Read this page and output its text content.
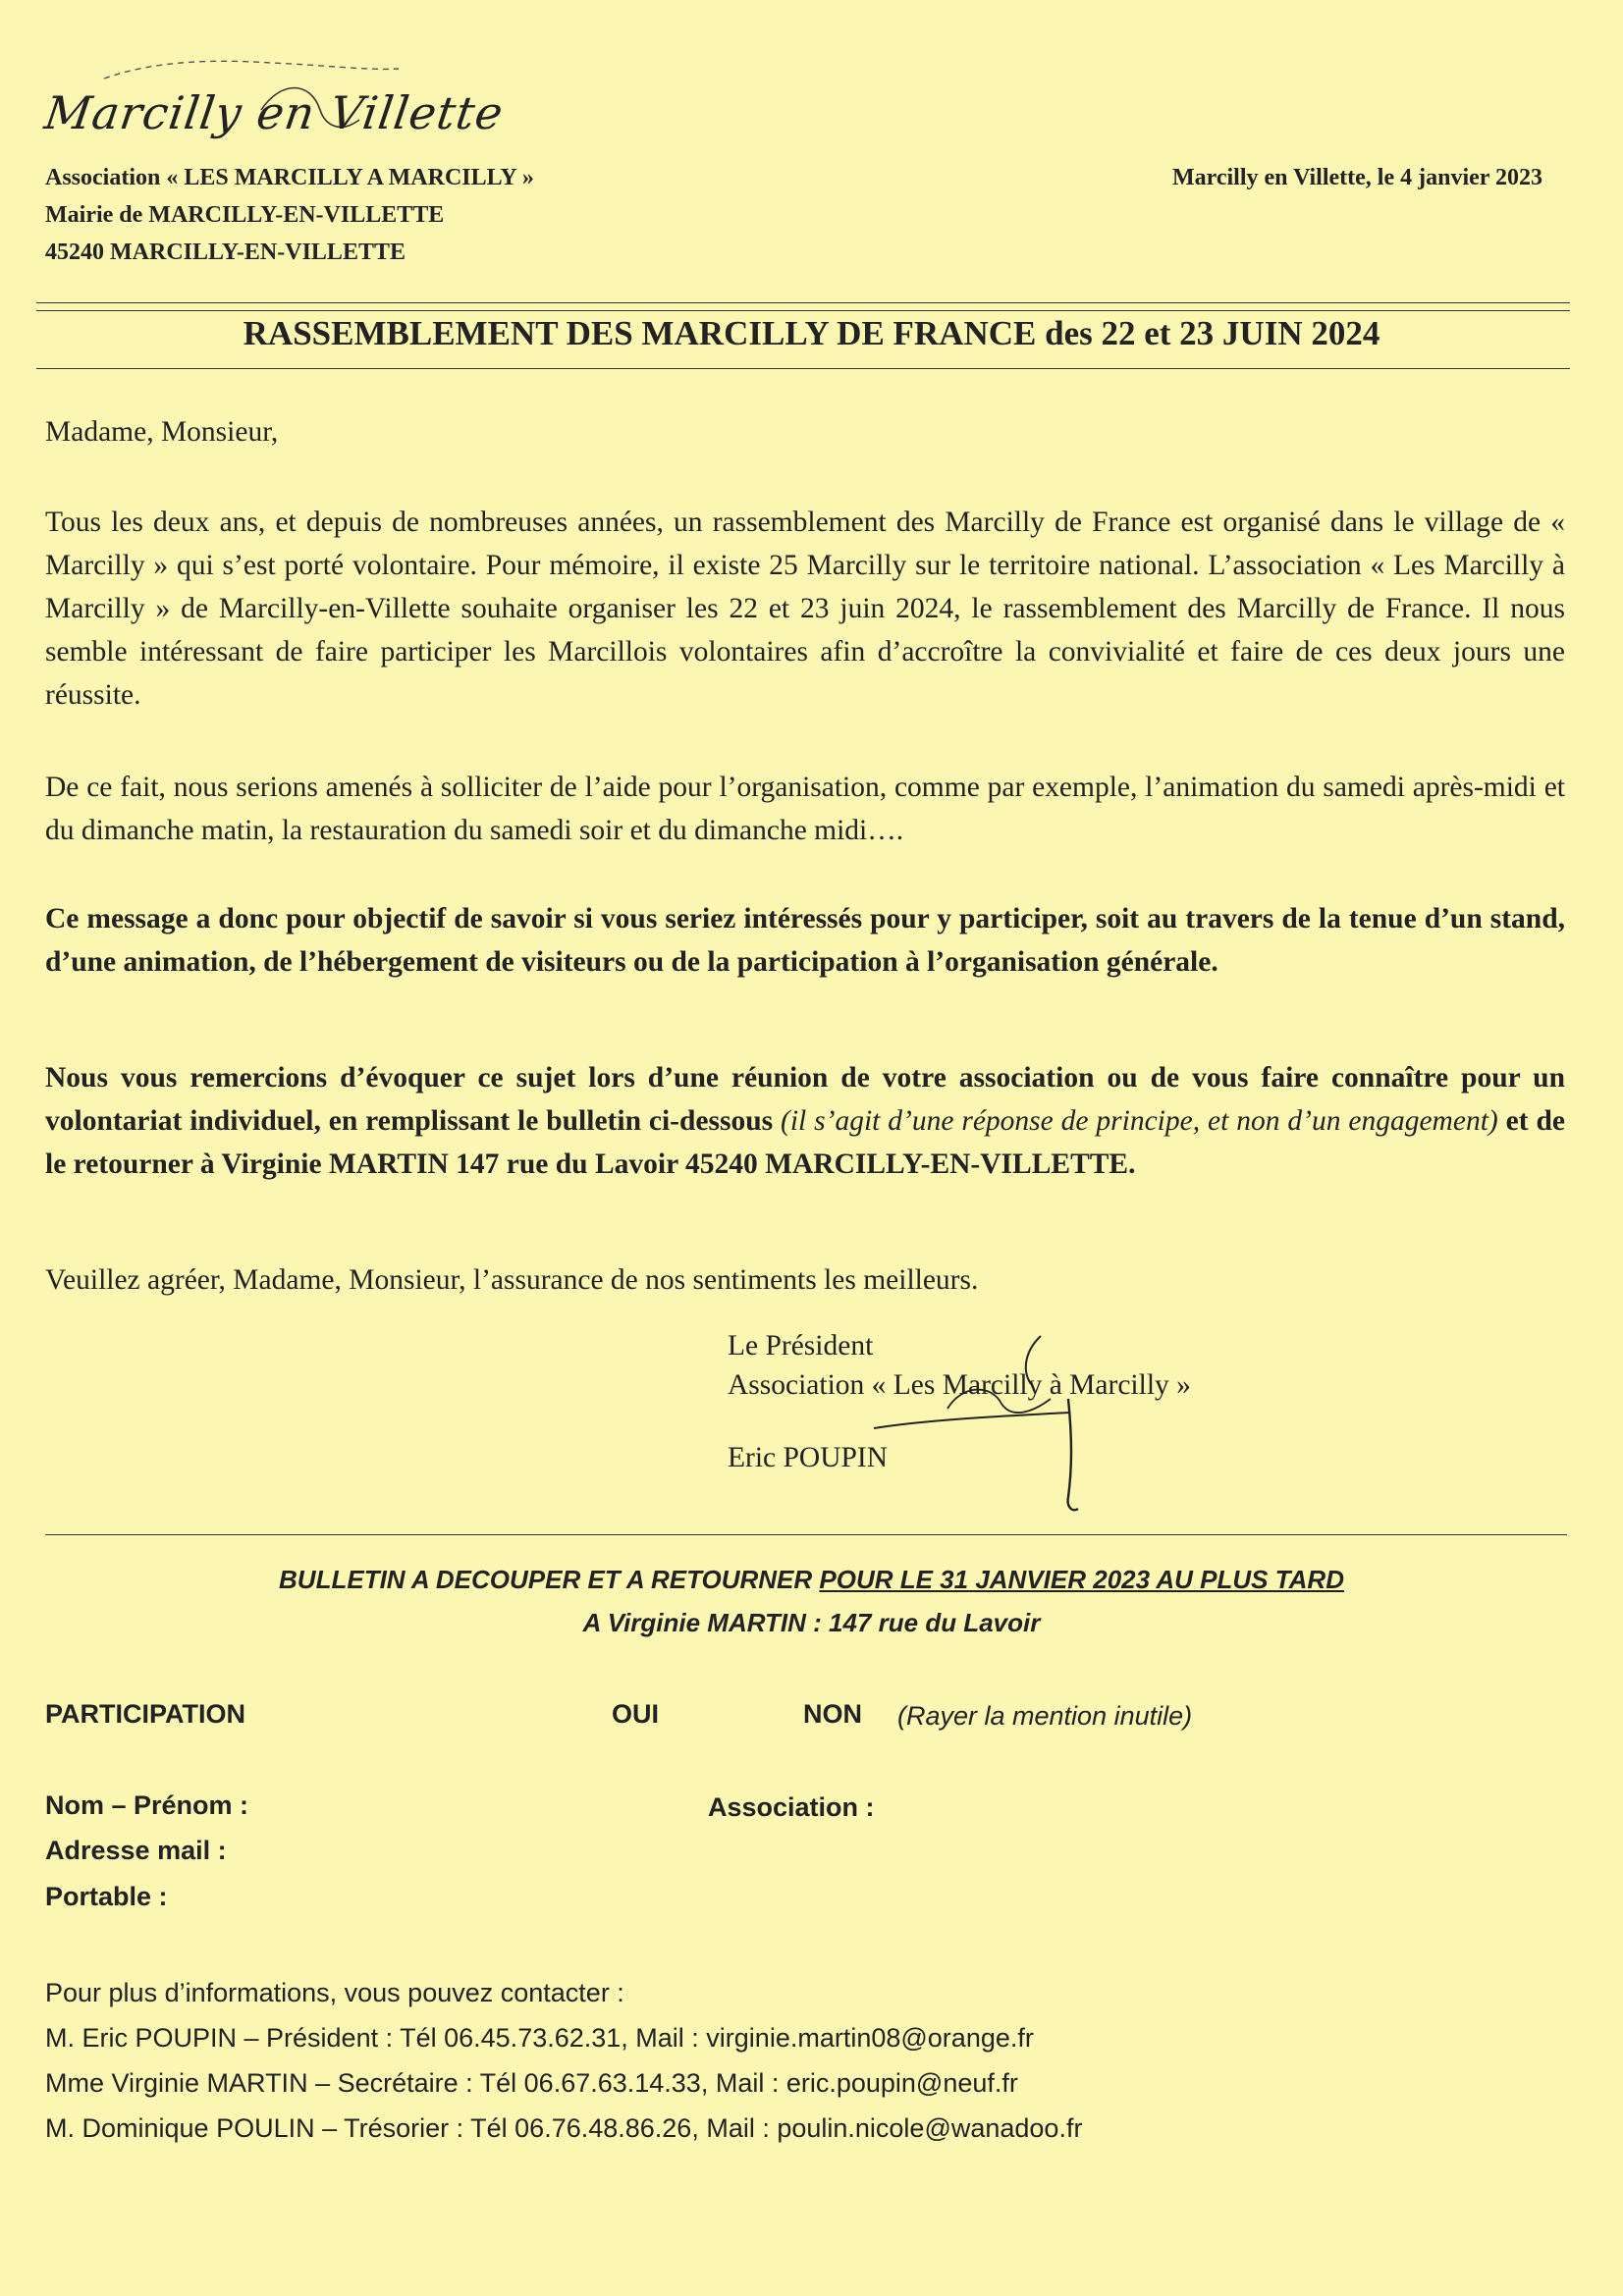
Marcilly en Villette
Association « LES MARCILLY A MARCILLY »
Mairie de MARCILLY-EN-VILLETTE
45240 MARCILLY-EN-VILLETTE
Marcilly en Villette, le 4 janvier 2023
RASSEMBLEMENT DES MARCILLY DE FRANCE des 22 et 23 JUIN 2024
Madame, Monsieur,
Tous les deux ans, et depuis de nombreuses années, un rassemblement des Marcilly de France est organisé dans le village de « Marcilly » qui s’est porté volontaire. Pour mémoire, il existe 25 Marcilly sur le territoire national. L’association « Les Marcilly à Marcilly » de Marcilly-en-Villette souhaite organiser les 22 et 23 juin 2024, le rassemblement des Marcilly de France. Il nous semble intéressant de faire participer les Marcillois volontaires afin d’accroître la convivialité et faire de ces deux jours une réussite.
De ce fait, nous serions amenés à solliciter de l’aide pour l’organisation, comme par exemple, l’animation du samedi après-midi et du dimanche matin, la restauration du samedi soir et du dimanche midi….
Ce message a donc pour objectif de savoir si vous seriez intéressés pour y participer, soit au travers de la tenue d’un stand, d’une animation, de l’hébergement de visiteurs ou de la participation à l’organisation générale.
Nous vous remercions d’évoquer ce sujet lors d’une réunion de votre association ou de vous faire connaître pour un volontariat individuel, en remplissant le bulletin ci-dessous (il s’agit d’une réponse de principe, et non d’un engagement) et de le retourner à Virginie MARTIN 147 rue du Lavoir 45240 MARCILLY-EN-VILLETTE.
Veuillez agréer, Madame, Monsieur, l’assurance de nos sentiments les meilleurs.
Le Président
Association « Les Marcilly à Marcilly »
Eric POUPIN
BULLETIN A DECOUPER ET A RETOURNER POUR LE 31 JANVIER 2023 AU PLUS TARD
A Virginie MARTIN : 147 rue du Lavoir
PARTICIPATION	OUI	NON (Rayer la mention inutile)
Nom – Prénom :	Association :
Adresse mail :
Portable :
Pour plus d’informations, vous pouvez contacter :
M. Eric POUPIN – Président : Tél 06.45.73.62.31, Mail : virginie.martin08@orange.fr
Mme Virginie MARTIN – Secrétaire : Tél 06.67.63.14.33, Mail : eric.poupin@neuf.fr
M. Dominique POULIN – Trésorier : Tél 06.76.48.86.26, Mail : poulin.nicole@wanadoo.fr
